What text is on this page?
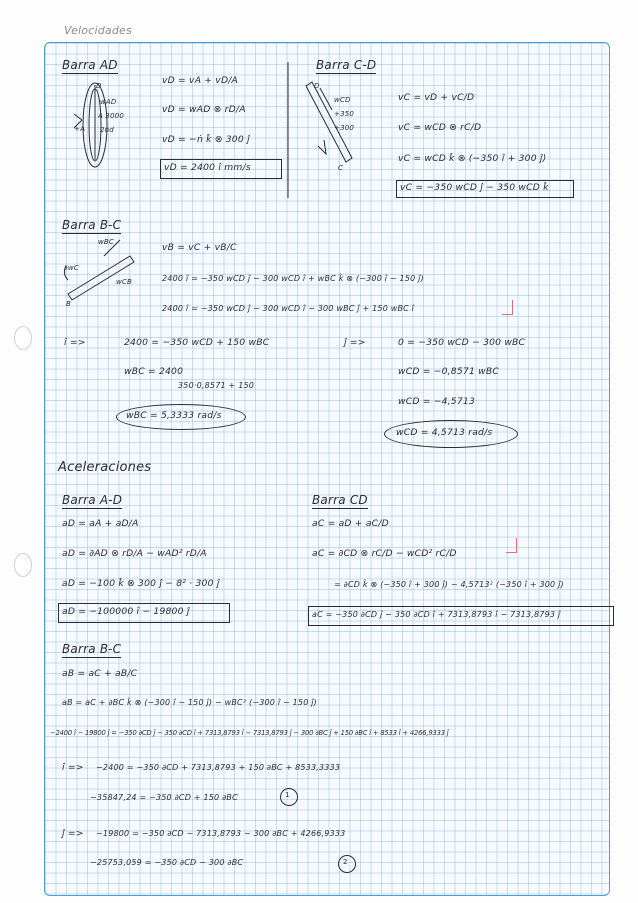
Velocidades
Barra AD
D
wAD
A 3000
2nd
+A
vD = vA + vD/A
vD = wAD ⊗ rD/A
vD = −ṅ k̂ ⊗ 300 ĵ
vD = 2400 î mm/s
Barra C-D
D
wCD
+350
+300
C
vC = vD + vC/D
vC = wCD ⊗ rC/D
vC = wCD k̂ ⊗ (−350 î + 300 ĵ)
vC = −350 wCD ĵ − 350 wCD k̂
Barra B-C
wBC
∂wC
wCB
B
vB = vC + vB/C
2400 î = −350 wCD ĵ − 300 wCD î + wBC k̂ ⊗ (−300 î − 150 ĵ)
2400 î = −350 wCD ĵ − 300 wCD î − 300 wBC ĵ + 150 wBC î
î =>	2400 = −350 wCD + 150 wBC
wBC = 2400
350·0,8571 + 150
wBC = 5,3333 rad/s
ĵ =>	0 = −350 wCD − 300 wBC
wCD = −0,8571 wBC
wCD = −4,5713
wCD = 4,5713 rad/s
Aceleraciones
Barra A-D
aD = aA + aD/A
aD = ∂AD ⊗ rD/A − wAD² rD/A
aD = −100 k̂ ⊗ 300 ĵ − 8² · 300 ĵ
aD = −100000 î − 19800 ĵ
Barra CD
aC = aD + aC/D
aC = ∂CD ⊗ rC/D − wCD² rC/D
= ∂CD k̂ ⊗ (−350 î + 300 ĵ) − 4,5713² (−350 î + 300 ĵ)
aC = −350 ∂CD ĵ − 350 ∂CD î + 7313,8793 î − 7313,8793 ĵ
Barra B-C
aB = aC + aB/C
aB = aC + ∂BC k̂ ⊗ (−300 î − 150 ĵ) − wBC² (−300 î − 150 ĵ)
−2400 î − 19800 ĵ = −350 ∂CD ĵ − 350 ∂CD î + 7313,8793 î − 7313,8793 ĵ − 300 ∂BC ĵ + 150 ∂BC î + 8533 î + 4266,9333 ĵ
î => −2400 = −350 ∂CD + 7313,8793 + 150 ∂BC + 8533,3333
−35847,24 = −350 ∂CD + 150 ∂BC	1
ĵ => −19800 = −350 ∂CD − 7313,8793 − 300 ∂BC + 4266,9333
−25753,059 = −350 ∂CD − 300 ∂BC	2
